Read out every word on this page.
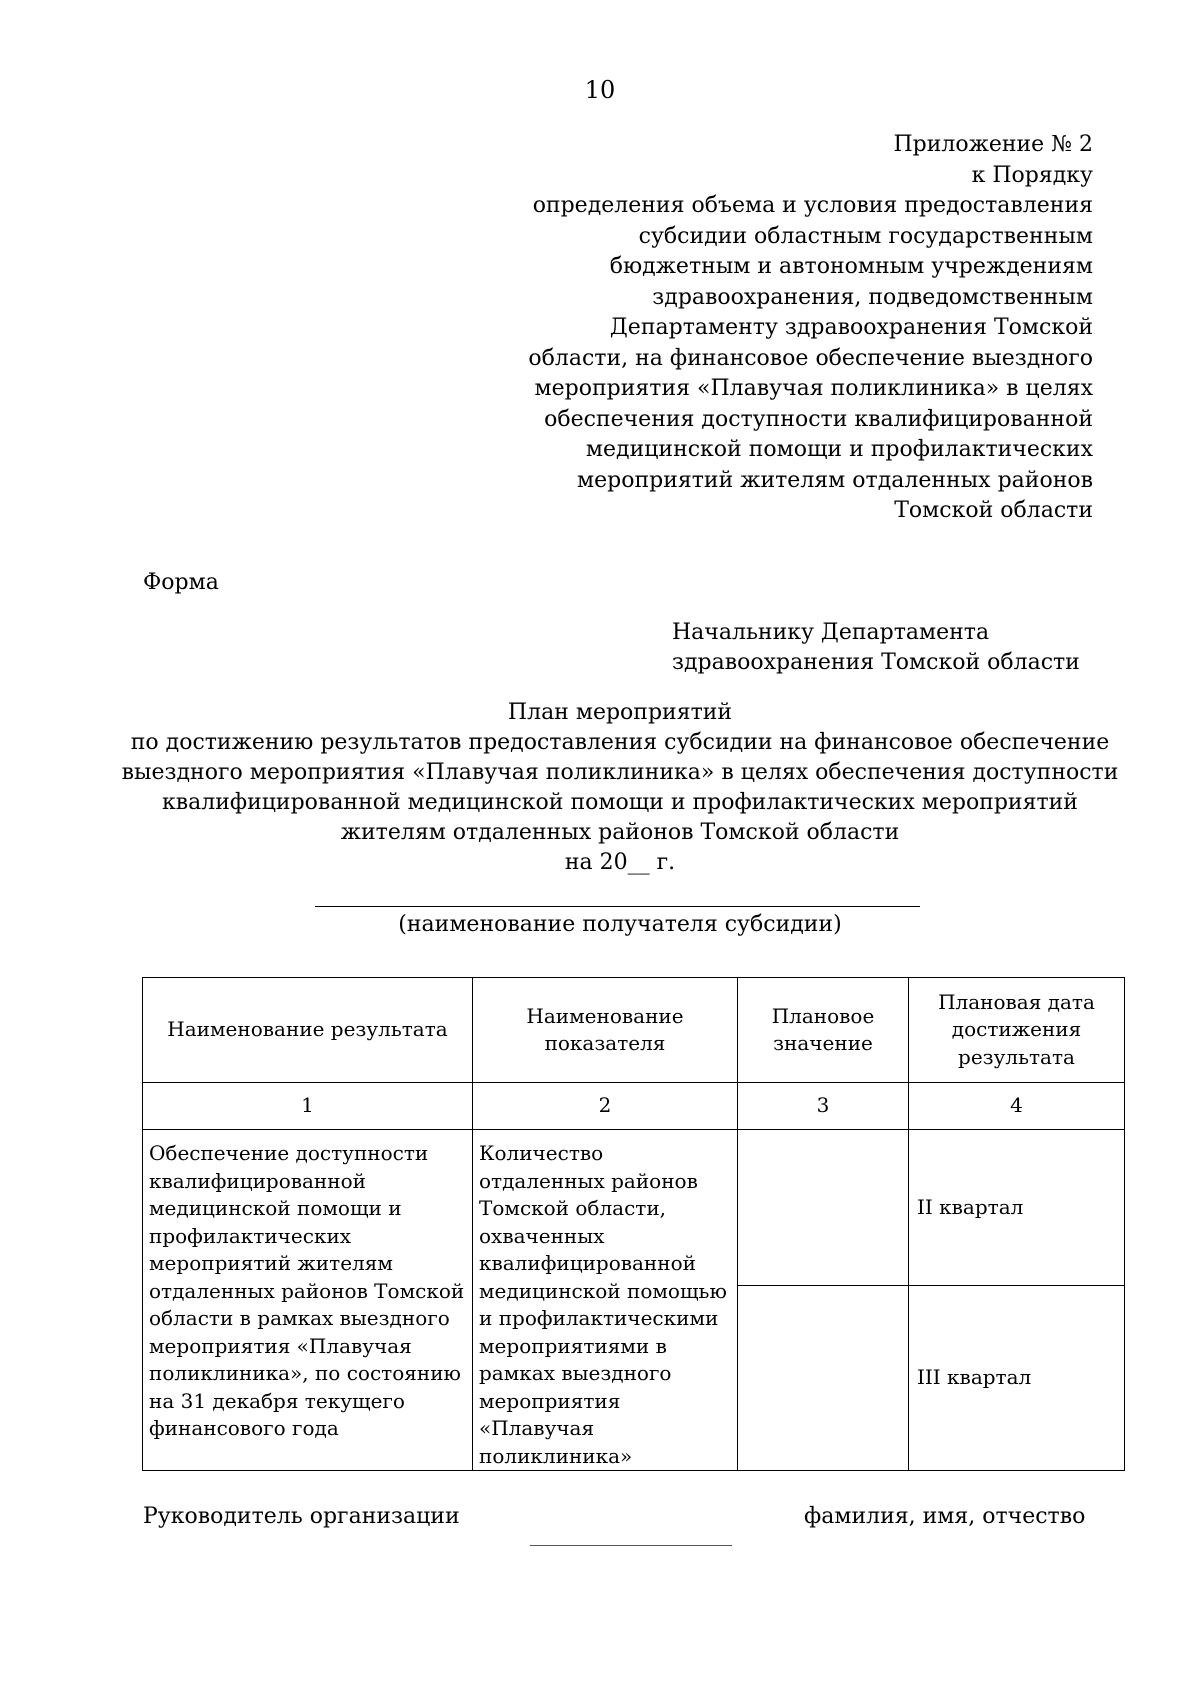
10
Приложение № 2
к Порядку
определения объема и условия предоставления
субсидии областным государственным
бюджетным и автономным учреждениям
здравоохранения, подведомственным
Департаменту здравоохранения Томской
области, на финансовое обеспечение выездного
мероприятия «Плавучая поликлиника» в целях
обеспечения доступности квалифицированной
медицинской помощи и профилактических
мероприятий жителям отдаленных районов
Томской области
Форма
Начальнику Департамента
здравоохранения Томской области
План мероприятий
по достижению результатов предоставления субсидии на финансовое обеспечение
выездного мероприятия «Плавучая поликлиника» в целях обеспечения доступности
квалифицированной медицинской помощи и профилактических мероприятий
жителям отдаленных районов Томской области
на 20__ г.
(наименование получателя субсидии)
Наименование результата	Наименование показателя	Плановое значение	Плановая дата достижения результата
1	2	3	4
Обеспечение доступности квалифицированной медицинской помощи и профилактических мероприятий жителям отдаленных районов Томской области в рамках выездного мероприятия «Плавучая поликлиника», по состоянию на 31 декабря текущего финансового года	Количество отдаленных районов Томской области, охваченных квалифицированной медицинской помощью и профилактическими мероприятиями в рамках выездного мероприятия «Плавучая поликлиника»		II квартал
			III квартал
Руководитель организации	фамилия, имя, отчество
